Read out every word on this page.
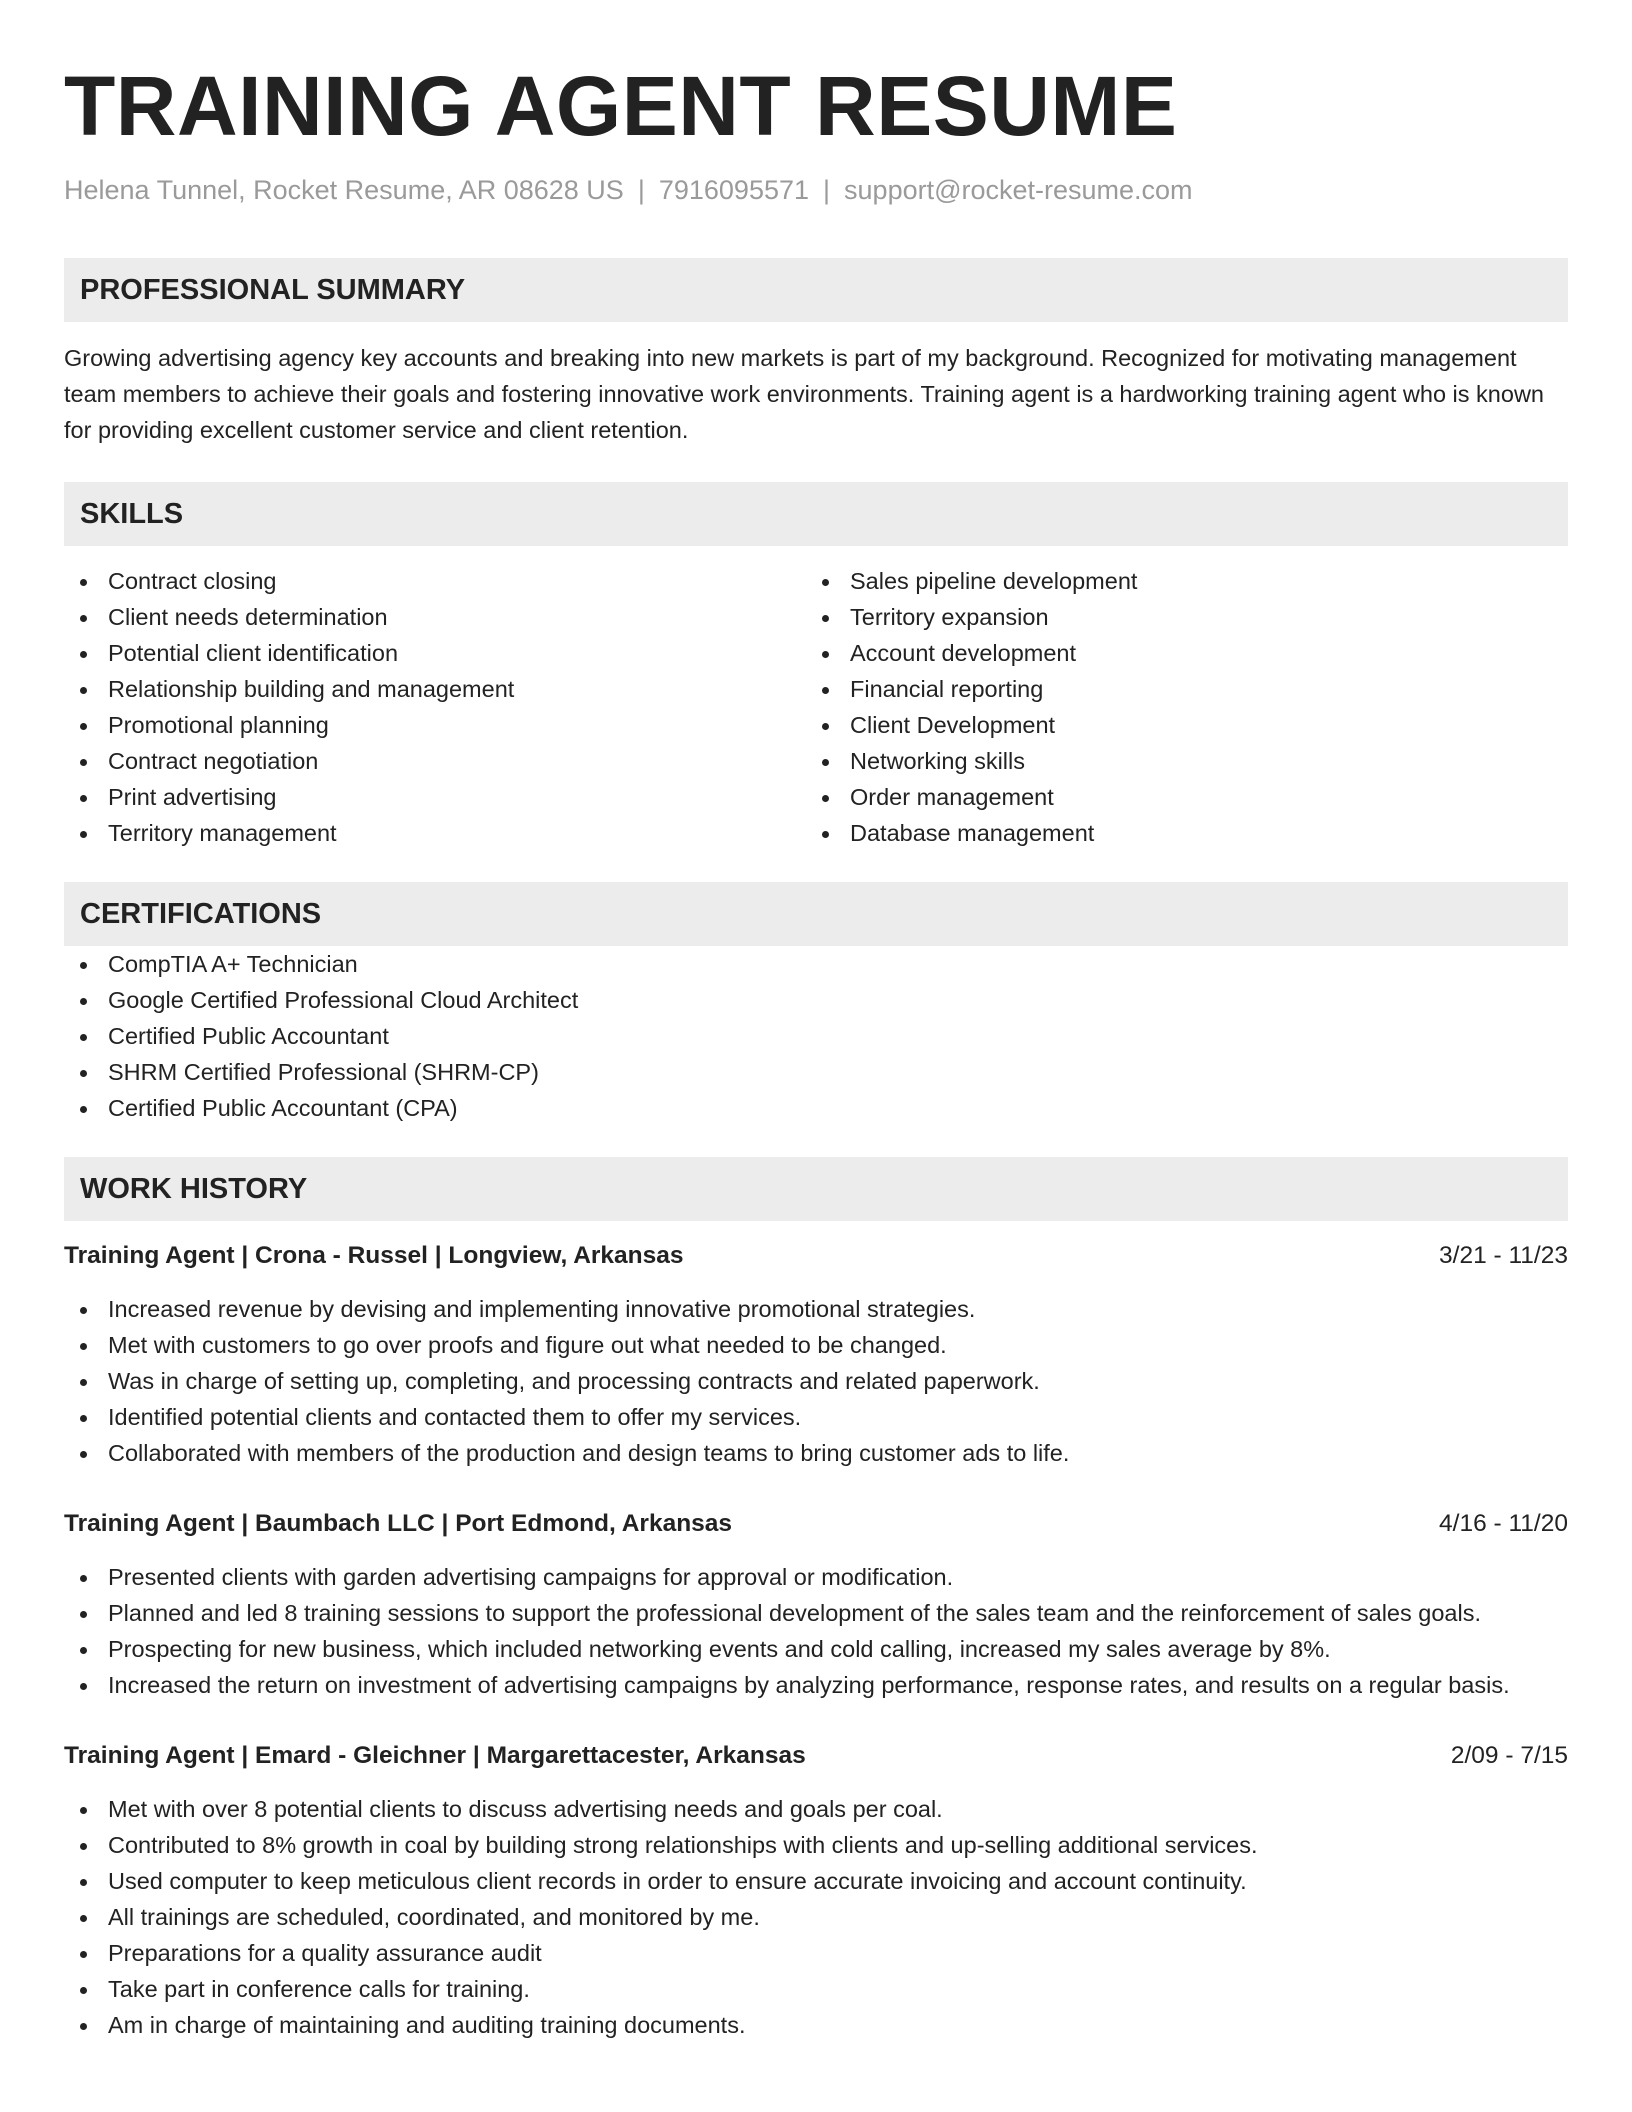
TRAINING AGENT RESUME
Helena Tunnel, Rocket Resume, AR 08628 US | 7916095571 | support@rocket-resume.com
PROFESSIONAL SUMMARY
Growing advertising agency key accounts and breaking into new markets is part of my background. Recognized for motivating management team members to achieve their goals and fostering innovative work environments. Training agent is a hardworking training agent who is known for providing excellent customer service and client retention.
SKILLS
Contract closing
Client needs determination
Potential client identification
Relationship building and management
Promotional planning
Contract negotiation
Print advertising
Territory management
Sales pipeline development
Territory expansion
Account development
Financial reporting
Client Development
Networking skills
Order management
Database management
CERTIFICATIONS
CompTIA A+ Technician
Google Certified Professional Cloud Architect
Certified Public Accountant
SHRM Certified Professional (SHRM-CP)
Certified Public Accountant (CPA)
WORK HISTORY
Training Agent | Crona - Russel | Longview, Arkansas	3/21 - 11/23
Increased revenue by devising and implementing innovative promotional strategies.
Met with customers to go over proofs and figure out what needed to be changed.
Was in charge of setting up, completing, and processing contracts and related paperwork.
Identified potential clients and contacted them to offer my services.
Collaborated with members of the production and design teams to bring customer ads to life.
Training Agent | Baumbach LLC | Port Edmond, Arkansas	4/16 - 11/20
Presented clients with garden advertising campaigns for approval or modification.
Planned and led 8 training sessions to support the professional development of the sales team and the reinforcement of sales goals.
Prospecting for new business, which included networking events and cold calling, increased my sales average by 8%.
Increased the return on investment of advertising campaigns by analyzing performance, response rates, and results on a regular basis.
Training Agent | Emard - Gleichner | Margarettacester, Arkansas	2/09 - 7/15
Met with over 8 potential clients to discuss advertising needs and goals per coal.
Contributed to 8% growth in coal by building strong relationships with clients and up-selling additional services.
Used computer to keep meticulous client records in order to ensure accurate invoicing and account continuity.
All trainings are scheduled, coordinated, and monitored by me.
Preparations for a quality assurance audit
Take part in conference calls for training.
Am in charge of maintaining and auditing training documents.
